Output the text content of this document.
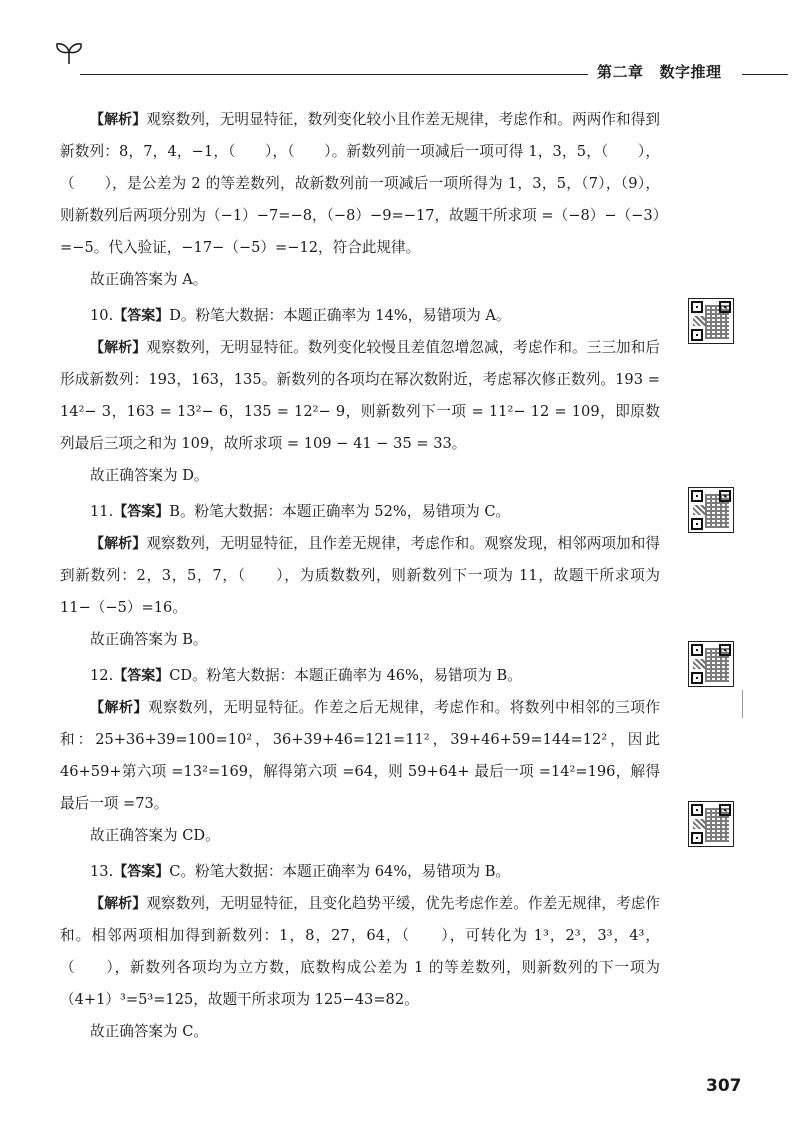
第二章 数字推理

【解析】观察数列，无明显特征，数列变化较小且作差无规律，考虑作和。两两作和得到新数列：8，7，4，−1，（　　），（　　）。新数列前一项减后一项可得 1，3，5，（　　），（　　），是公差为 2 的等差数列，故新数列前一项减后一项所得为 1，3，5，（7），（9），则新数列后两项分别为（−1）−7=−8，（−8）−9=−17，故题干所求项 =（−8）−（−3）=−5。代入验证，−17−（−5）=−12，符合此规律。

故正确答案为 A。

10.【答案】D。粉笔大数据：本题正确率为 14%，易错项为 A。

【解析】观察数列，无明显特征。数列变化较慢且差值忽增忽减，考虑作和。三三加和后形成新数列：193，163，135。新数列的各项均在幂次数附近，考虑幂次修正数列。193 = 14²− 3，163 = 13²− 6，135 = 12²− 9，则新数列下一项 = 11²− 12 = 109，即原数列最后三项之和为 109，故所求项 = 109 − 41 − 35 = 33。

故正确答案为 D。

11.【答案】B。粉笔大数据：本题正确率为 52%，易错项为 C。

【解析】观察数列，无明显特征，且作差无规律，考虑作和。观察发现，相邻两项加和得到新数列：2，3，5，7，（　　），为质数数列，则新数列下一项为 11，故题干所求项为 11−（−5）=16。

故正确答案为 B。

12.【答案】CD。粉笔大数据：本题正确率为 46%，易错项为 B。

【解析】观察数列，无明显特征。作差之后无规律，考虑作和。将数列中相邻的三项作和：25+36+39=100=10²，36+39+46=121=11²，39+46+59=144=12²，因此 46+59+第六项 =13²=169，解得第六项 =64，则 59+64+ 最后一项 =14²=196，解得最后一项 =73。

故正确答案为 CD。

13.【答案】C。粉笔大数据：本题正确率为 64%，易错项为 B。

【解析】观察数列，无明显特征，且变化趋势平缓，优先考虑作差。作差无规律，考虑作和。相邻两项相加得到新数列：1，8，27，64，（　　），可转化为 1³，2³，3³，4³，（　　），新数列各项均为立方数，底数构成公差为 1 的等差数列，则新数列的下一项为（4+1）³=5³=125，故题干所求项为 125−43=82。

故正确答案为 C。

307
